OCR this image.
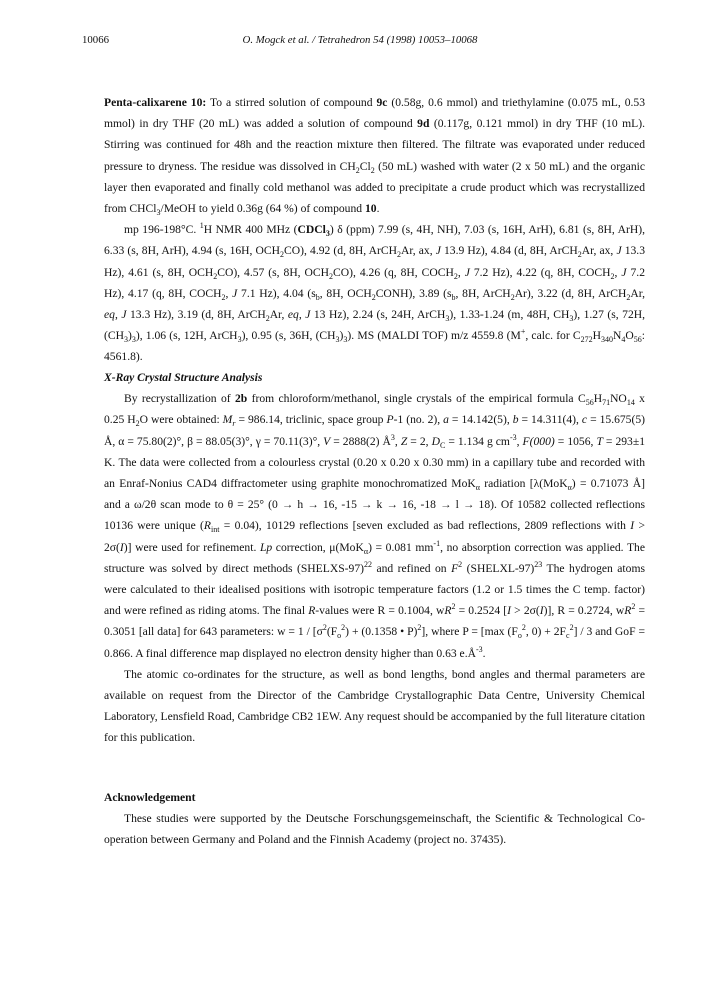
10066	O. Mogck et al. / Tetrahedron 54 (1998) 10053–10068

Penta-calixarene 10: To a stirred solution of compound 9c (0.58g, 0.6 mmol) and triethylamine (0.075 mL, 0.53 mmol) in dry THF (20 mL) was added a solution of compound 9d (0.117g, 0.121 mmol) in dry THF (10 mL). Stirring was continued for 48h and the reaction mixture then filtered. The filtrate was evaporated under reduced pressure to dryness. The residue was dissolved in $CH_2Cl_2$ (50 mL) washed with water (2 x 50 mL) and the organic layer then evaporated and finally cold methanol was added to precipitate a crude product which was recrystallized from CHCl$_3$/MeOH to yield 0.36g (64 %) of compound 10.

mp 196-198°C. $^1$H NMR 400 MHz (CDCl$_3$) δ (ppm) 7.99 (s, 4H, NH), 7.03 (s, 16H, ArH), 6.81 (s, 8H, ArH), 6.33 (s, 8H, ArH), 4.94 (s, 16H, $OCH_2CO$), 4.92 (d, 8H, ArCH$_2$Ar, ax, J 13.9 Hz), 4.84 (d, 8H, ArCH$_2$Ar, ax, J 13.3 Hz), 4.61 (s, 8H, $OCH_2CO$), 4.57 (s, 8H, $OCH_2CO$), 4.26 (q, 8H, $COCH_2$, J 7.2 Hz), 4.22 (q, 8H, $COCH_2$, J 7.2 Hz), 4.17 (q, 8H, $COCH_2$, J 7.1 Hz), 4.04 ($s_b$, 8H, $OCH_2CONH$), 3.89 ($s_b$, 8H, ArCH$_2$Ar), 3.22 (d, 8H, ArCH$_2$Ar, eq, J 13.3 Hz), 3.19 (d, 8H, ArCH$_2$Ar, eq, J 13 Hz), 2.24 (s, 24H, ArCH$_3$), 1.33-1.24 (m, 48H, $CH_3$), 1.27 (s, 72H, $(CH_3)_3$), 1.06 (s, 12H, ArCH$_3$), 0.95 (s, 36H, $(CH_3)_3$). MS (MALDI TOF) m/z 4559.8 (M+, calc. for $C_{272}H_{340}N_4O_{56}$: 4561.8).

X-Ray Crystal Structure Analysis

By recrystallization of 2b from chloroform/methanol, single crystals of the empirical formula $C_{56}H_{71}NO_{14}$ x 0.25 $H_2O$ were obtained: $M_r = 986.14$, triclinic, space group P-1 (no. 2), a = 14.142(5), b = 14.311(4), c = 15.675(5) Å, α = 75.80(2)°, β = 88.05(3)°, γ = 70.11(3)°, V = 2888(2) $Å^3$, Z = 2, $D_C = 1.134$ g $cm^{-3}$, F(000) = 1056, T = 293±1 K. The data were collected from a colourless crystal (0.20 x 0.20 x 0.30 mm) in a capillary tube and recorded with an Enraf-Nonius CAD4 diffractometer using graphite monochromatized MoK$_\alpha$ radiation [λ(MoK$_\alpha$) = 0.71073 Å] and a ω/2θ scan mode to θ = 25° (0 → h → 16, -15 → k → 16, -18 → l → 18). Of 10582 collected reflections 10136 were unique $(R_{int} = 0.04)$, 10129 reflections [seven excluded as bad reflections, 2809 reflections with I > 2σ(I)] were used for refinement. Lp correction, μ(MoK$_\alpha$) = 0.081 $mm^{-1}$, no absorption correction was applied. The structure was solved by direct methods (SHELXS-97)$^{22}$ and refined on $F^2$ (SHELXL-97)$^{23}$ The hydrogen atoms were calculated to their idealised positions with isotropic temperature factors (1.2 or 1.5 times the C temp. factor) and were refined as riding atoms. The final R-values were R = 0.1004, $wR^2 = 0.2524$ [I > 2σ(I)], R = 0.2724, $wR^2 = 0.3051$ [all data] for 643 parameters: $w = 1 / [\sigma^2(F_o^2) + (0.1358$ • P)$^2$], where P = [max ($F_o^2$, $0) + 2F_c^2] / 3$ and GoF = 0.866. A final difference map displayed no electron density higher than 0.63 $e.Å^{-3}$.

The atomic co-ordinates for the structure, as well as bond lengths, bond angles and thermal parameters are available on request from the Director of the Cambridge Crystallographic Data Centre, University Chemical Laboratory, Lensfield Road, Cambridge CB2 1EW. Any request should be accompanied by the full literature citation for this publication.

Acknowledgement

These studies were supported by the Deutsche Forschungsgemeinschaft, the Scientific & Technological Co-operation between Germany and Poland and the Finnish Academy (project no. 37435).
